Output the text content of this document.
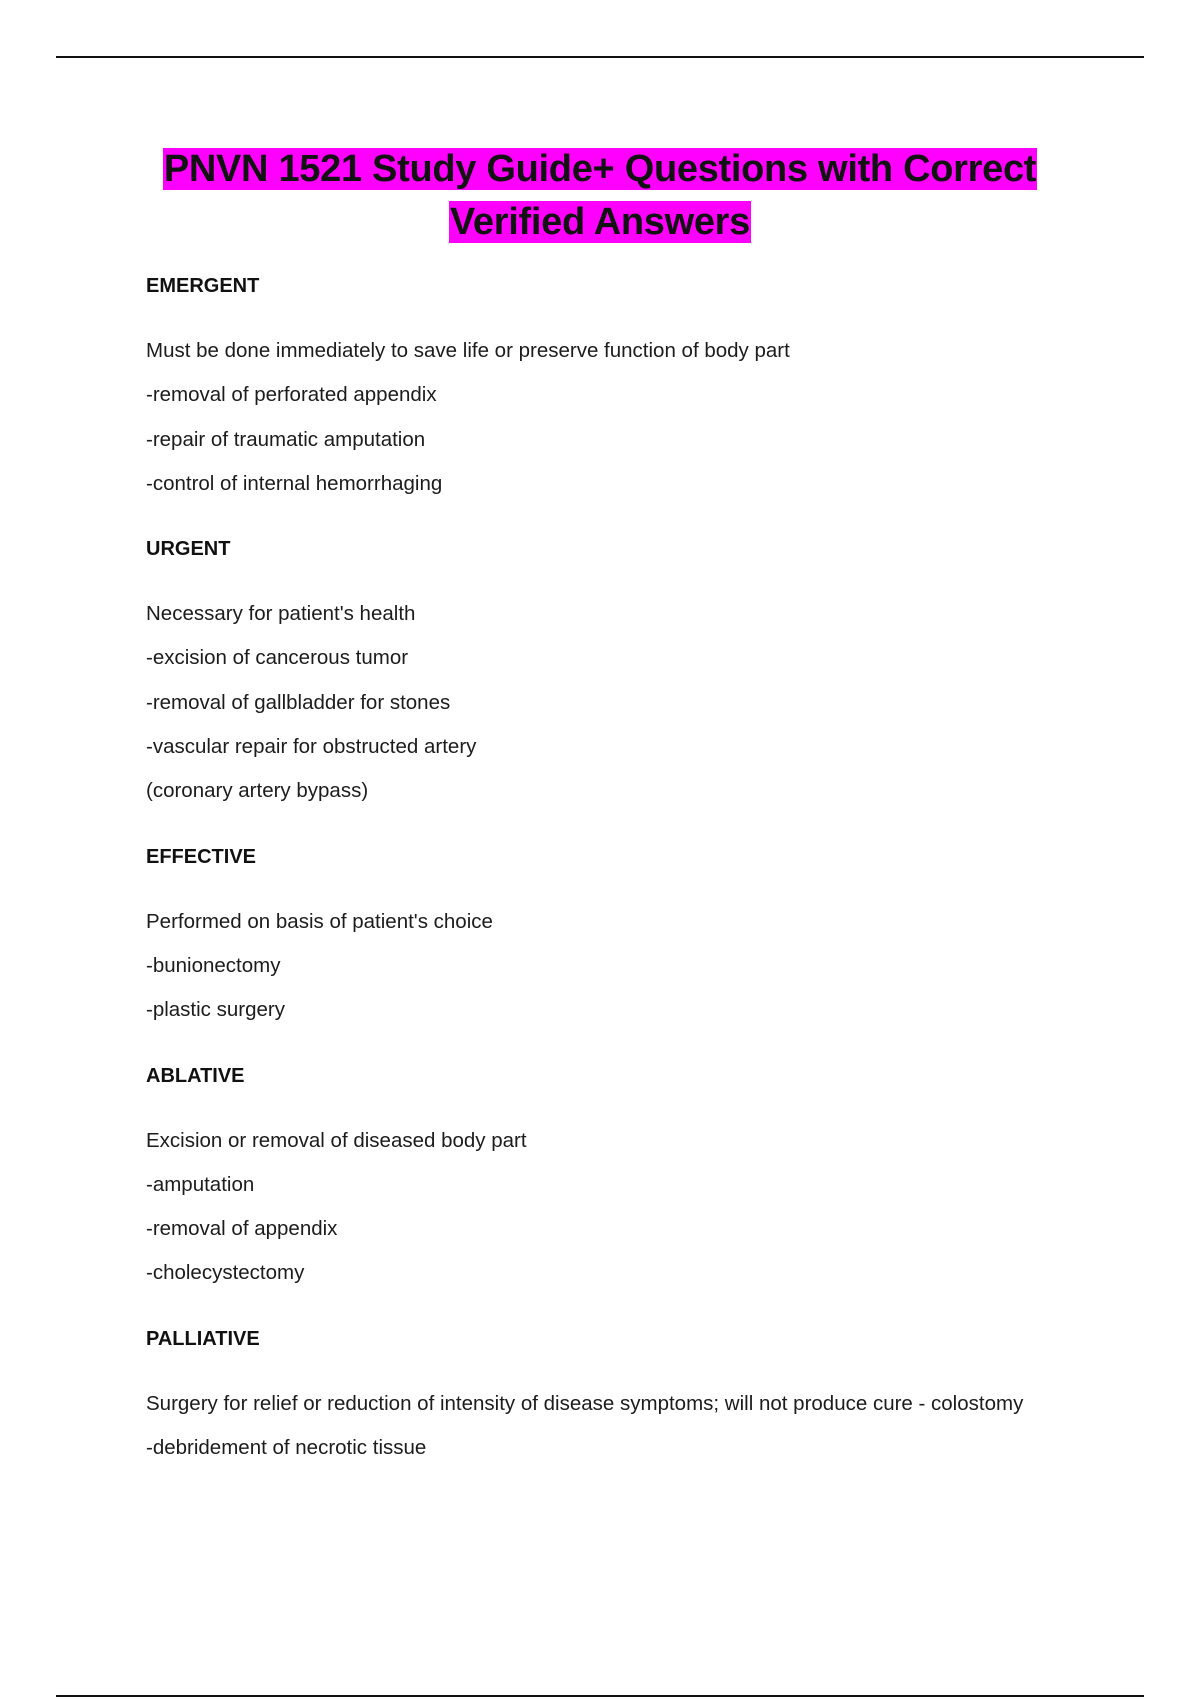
PNVN 1521 Study Guide+ Questions with Correct
Verified Answers
EMERGENT
Must be done immediately to save life or preserve function of body part
-removal of perforated appendix
-repair of traumatic amputation
-control of internal hemorrhaging
URGENT
Necessary for patient's health
-excision of cancerous tumor
-removal of gallbladder for stones
-vascular repair for obstructed artery
(coronary artery bypass)
EFFECTIVE
Performed on basis of patient's choice
-bunionectomy
-plastic surgery
ABLATIVE
Excision or removal of diseased body part
-amputation
-removal of appendix
-cholecystectomy
PALLIATIVE
Surgery for relief or reduction of intensity of disease symptoms; will not produce cure - colostomy -debridement of necrotic tissue
